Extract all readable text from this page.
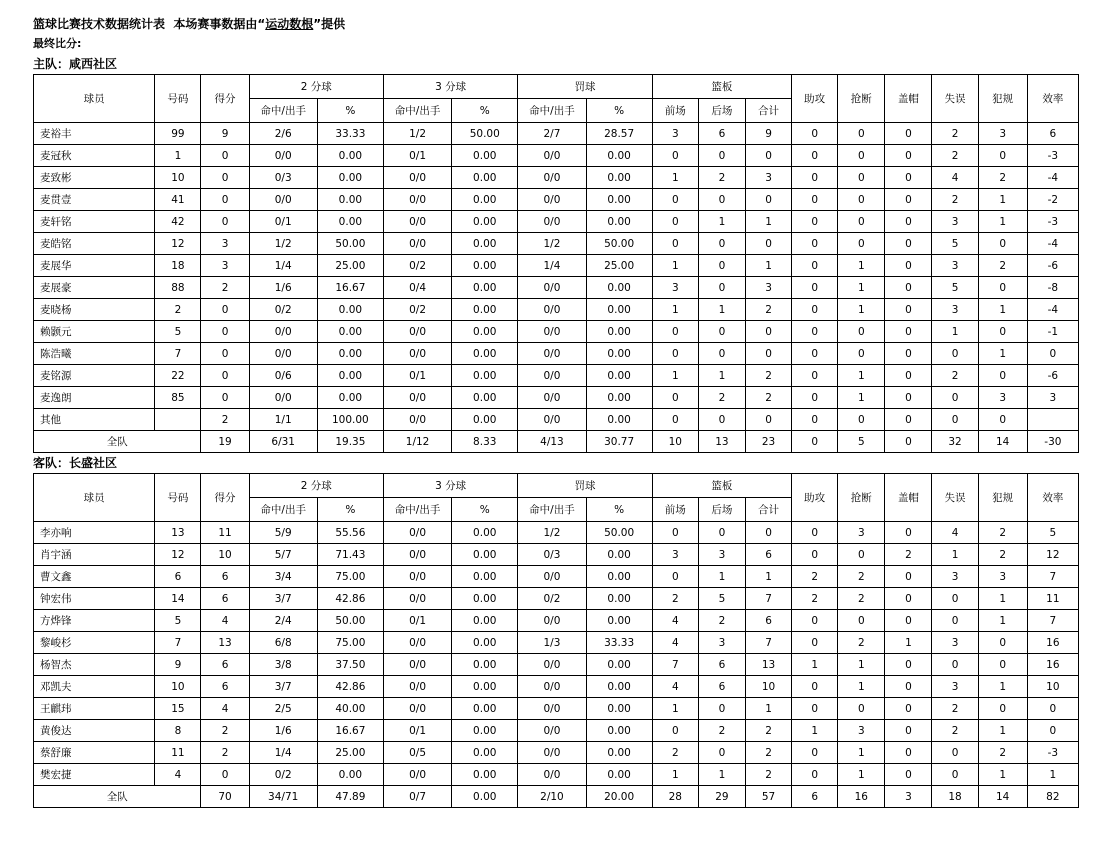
篮球比赛技术数据统计表 本场赛事数据由“运动数根”提供
最终比分:
主队：咸西社区
球员	号码	得分	2 分球		3 分球		罚球		篮板			助攻	抢断	盖帽	失误	犯规	效率
			命中/出手	%	命中/出手	%	命中/出手	%	前场	后场	合计						
麦裕丰	99	9	2/6	33.33	1/2	50.00	2/7	28.57	3	6	9	0	0	0	2	3	6
麦冠秋	1	0	0/0	0.00	0/1	0.00	0/0	0.00	0	0	0	0	0	0	2	0	-3
麦致彬	10	0	0/3	0.00	0/0	0.00	0/0	0.00	1	2	3	0	0	0	4	2	-4
麦贯壹	41	0	0/0	0.00	0/0	0.00	0/0	0.00	0	0	0	0	0	0	2	1	-2
麦轩铭	42	0	0/1	0.00	0/0	0.00	0/0	0.00	0	1	1	0	0	0	3	1	-3
麦皓铭	12	3	1/2	50.00	0/0	0.00	1/2	50.00	0	0	0	0	0	0	5	0	-4
麦展华	18	3	1/4	25.00	0/2	0.00	1/4	25.00	1	0	1	0	1	0	3	2	-6
麦展豪	88	2	1/6	16.67	0/4	0.00	0/0	0.00	3	0	3	0	1	0	5	0	-8
麦晓杨	2	0	0/2	0.00	0/2	0.00	0/0	0.00	1	1	2	0	1	0	3	1	-4
赖颢元	5	0	0/0	0.00	0/0	0.00	0/0	0.00	0	0	0	0	0	0	1	0	-1
陈浩曦	7	0	0/0	0.00	0/0	0.00	0/0	0.00	0	0	0	0	0	0	0	1	0
麦铭源	22	0	0/6	0.00	0/1	0.00	0/0	0.00	1	1	2	0	1	0	2	0	-6
麦逸朗	85	0	0/0	0.00	0/0	0.00	0/0	0.00	0	2	2	0	1	0	0	3	3
其他		2	1/1	100.00	0/0	0.00	0/0	0.00	0	0	0	0	0	0	0	0	
全队		19	6/31	19.35	1/12	8.33	4/13	30.77	10	13	23	0	5	0	32	14	-30
客队：长盛社区
球员	号码	得分	2 分球		3 分球		罚球		篮板			助攻	抢断	盖帽	失误	犯规	效率
			命中/出手	%	命中/出手	%	命中/出手	%	前场	后场	合计						
李亦响	13	11	5/9	55.56	0/0	0.00	1/2	50.00	0	0	0	0	3	0	4	2	5
肖宇涵	12	10	5/7	71.43	0/0	0.00	0/3	0.00	3	3	6	0	0	2	1	2	12
曹文鑫	6	6	3/4	75.00	0/0	0.00	0/0	0.00	0	1	1	2	2	0	3	3	7
钟宏伟	14	6	3/7	42.86	0/0	0.00	0/2	0.00	2	5	7	2	2	0	0	1	11
方烨锋	5	4	2/4	50.00	0/1	0.00	0/0	0.00	4	2	6	0	0	0	0	1	7
黎峻杉	7	13	6/8	75.00	0/0	0.00	1/3	33.33	4	3	7	0	2	1	3	0	16
杨智杰	9	6	3/8	37.50	0/0	0.00	0/0	0.00	7	6	13	1	1	0	0	0	16
邓凯夫	10	6	3/7	42.86	0/0	0.00	0/0	0.00	4	6	10	0	1	0	3	1	10
王麒玮	15	4	2/5	40.00	0/0	0.00	0/0	0.00	1	0	1	0	0	0	2	0	0
黄俊达	8	2	1/6	16.67	0/1	0.00	0/0	0.00	0	2	2	1	3	0	2	1	0
蔡舒廉	11	2	1/4	25.00	0/5	0.00	0/0	0.00	2	0	2	0	1	0	0	2	-3
樊宏捷	4	0	0/2	0.00	0/0	0.00	0/0	0.00	1	1	2	0	1	0	0	1	1
全队		70	34/71	47.89	0/7	0.00	2/10	20.00	28	29	57	6	16	3	18	14	82
